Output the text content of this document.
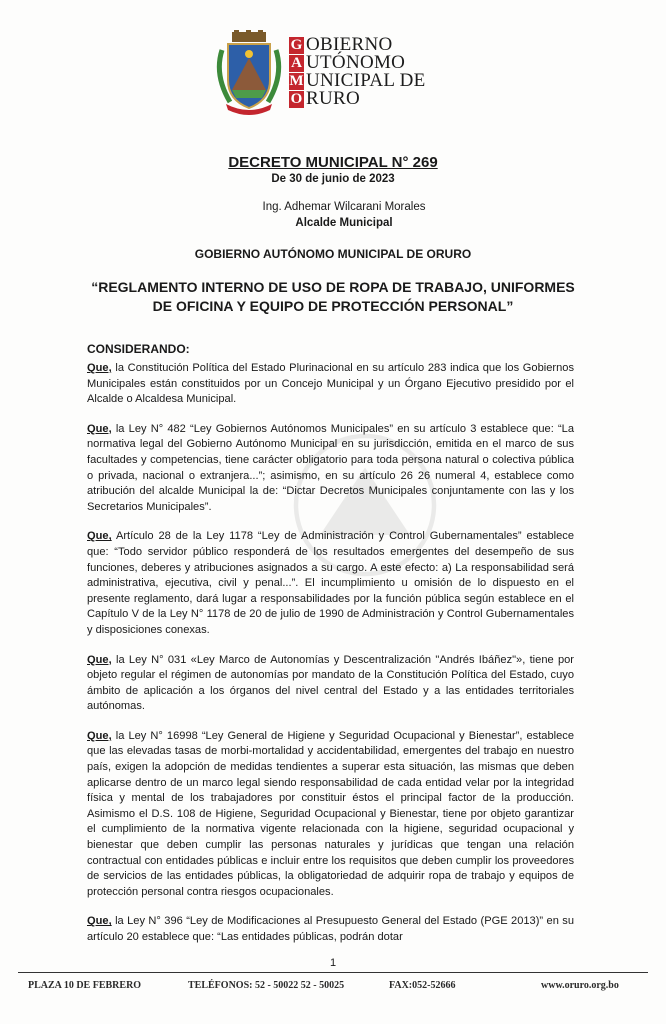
G OBIERNO
A UTÓNOMO
M UNICIPAL DE
O RURO
DECRETO MUNICIPAL N° 269
De 30 de junio de 2023
Ing. Adhemar Wilcarani Morales
Alcalde Municipal
GOBIERNO AUTÓNOMO MUNICIPAL DE ORURO
“REGLAMENTO INTERNO DE USO DE ROPA DE TRABAJO, UNIFORMES DE OFICINA Y EQUIPO DE PROTECCIÓN PERSONAL”
CONSIDERANDO:

Que, la Constitución Política del Estado Plurinacional en su artículo 283 indica que los Gobiernos Municipales están constituidos por un Concejo Municipal y un Órgano Ejecutivo presidido por el Alcalde o Alcaldesa Municipal.

Que, la Ley N° 482 “Ley Gobiernos Autónomos Municipales” en su artículo 3 establece que: “La normativa legal del Gobierno Autónomo Municipal en su jurisdicción, emitida en el marco de sus facultades y competencias, tiene carácter obligatorio para toda persona natural o colectiva pública o privada, nacional o extranjera...”; asimismo, en su artículo 26 26 numeral 4, establece como atribución del alcalde Municipal la de: “Dictar Decretos Municipales conjuntamente con las y los Secretarios Municipales”.

Que, Artículo 28 de la Ley 1178 “Ley de Administración y Control Gubernamentales” establece que: “Todo servidor público responderá de los resultados emergentes del desempeño de sus funciones, deberes y atribuciones asignados a su cargo. A este efecto: a) La responsabilidad será administrativa, ejecutiva, civil y penal...”. El incumplimiento u omisión de lo dispuesto en el presente reglamento, dará lugar a responsabilidades por la función pública según establece en el Capítulo V de la Ley N° 1178 de 20 de julio de 1990 de Administración y Control Gubernamentales y disposiciones conexas.

Que, la Ley N° 031 «Ley Marco de Autonomías y Descentralización "Andrés Ibáñez"», tiene por objeto regular el régimen de autonomías por mandato de la Constitución Política del Estado, cuyo ámbito de aplicación a los órganos del nivel central del Estado y a las entidades territoriales autónomas.

Que, la Ley N° 16998 “Ley General de Higiene y Seguridad Ocupacional y Bienestar”, establece que las elevadas tasas de morbi-mortalidad y accidentabilidad, emergentes del trabajo en nuestro país, exigen la adopción de medidas tendientes a superar esta situación, las mismas que deben aplicarse dentro de un marco legal siendo responsabilidad de cada entidad velar por la integridad física y mental de los trabajadores por constituir éstos el principal factor de la producción. Asimismo el D.S. 108 de Higiene, Seguridad Ocupacional y Bienestar, tiene por objeto garantizar el cumplimiento de la normativa vigente relacionada con la higiene, seguridad ocupacional y bienestar que deben cumplir las personas naturales y jurídicas que tengan una relación contractual con entidades públicas e incluir entre los requisitos que deben cumplir los proveedores de servicios de las entidades públicas, la obligatoriedad de adquirir ropa de trabajo y equipos de protección personal contra riesgos ocupacionales.

Que, la Ley N° 396 “Ley de Modificaciones al Presupuesto General del Estado (PGE 2013)” en su artículo 20 establece que: “Las entidades públicas, podrán dotar

1
PLAZA 10 DE FEBRERO	TELÉFONOS: 52 - 50022 52 - 50025	FAX:052-52666	www.oruro.org.bo
